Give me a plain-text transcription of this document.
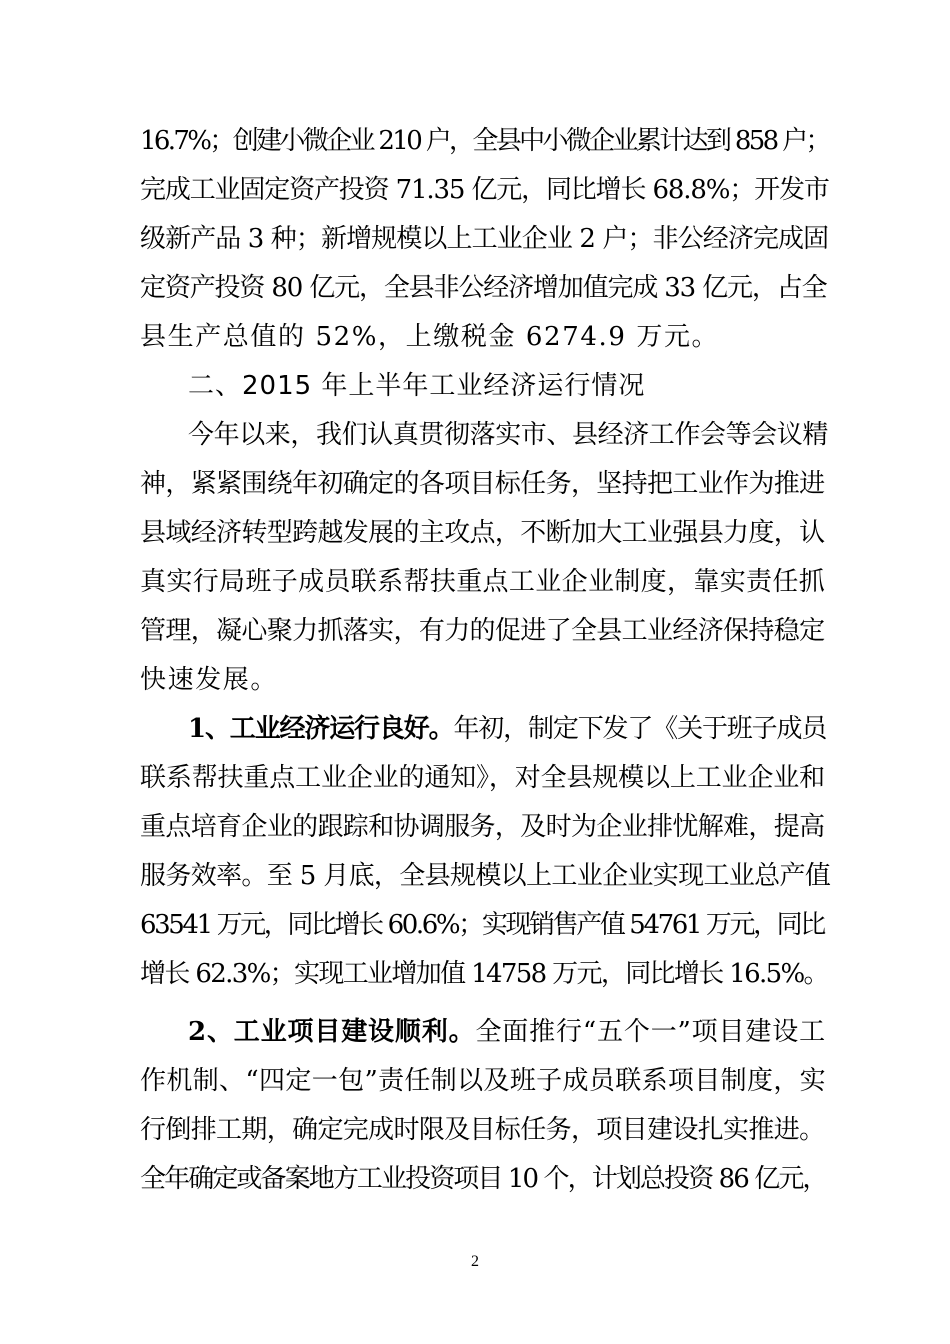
16.7%；创建小微企业 210 户，全县中小微企业累计达到 858 户；
完成工业固定资产投资 71.35 亿元，同比增长 68.8%；开发市
级新产品 3 种；新增规模以上工业企业 2 户；非公经济完成固
定资产投资 80 亿元，全县非公经济增加值完成 33 亿元，占全
县生产总值的 52%，上缴税金 6274.9 万元。
二、2015 年上半年工业经济运行情况
今年以来，我们认真贯彻落实市、县经济工作会等会议精
神，紧紧围绕年初确定的各项目标任务，坚持把工业作为推进
县域经济转型跨越发展的主攻点，不断加大工业强县力度，认
真实行局班子成员联系帮扶重点工业企业制度，靠实责任抓
管理，凝心聚力抓落实，有力的促进了全县工业经济保持稳定
快速发展。
1、工业经济运行良好。年初，制定下发了《关于班子成员
联系帮扶重点工业企业的通知》，对全县规模以上工业企业和
重点培育企业的跟踪和协调服务，及时为企业排忧解难，提高
服务效率。至 5 月底，全县规模以上工业企业实现工业总产值
63541 万元，同比增长 60.6%；实现销售产值 54761 万元，同比
增长 62.3%；实现工业增加值 14758 万元，同比增长 16.5%。
2、工业项目建设顺利。全面推行“五个一”项目建设工
作机制、“四定一包”责任制以及班子成员联系项目制度，实
行倒排工期，确定完成时限及目标任务，项目建设扎实推进。
全年确定或备案地方工业投资项目 10 个，计划总投资 86 亿元，
2
